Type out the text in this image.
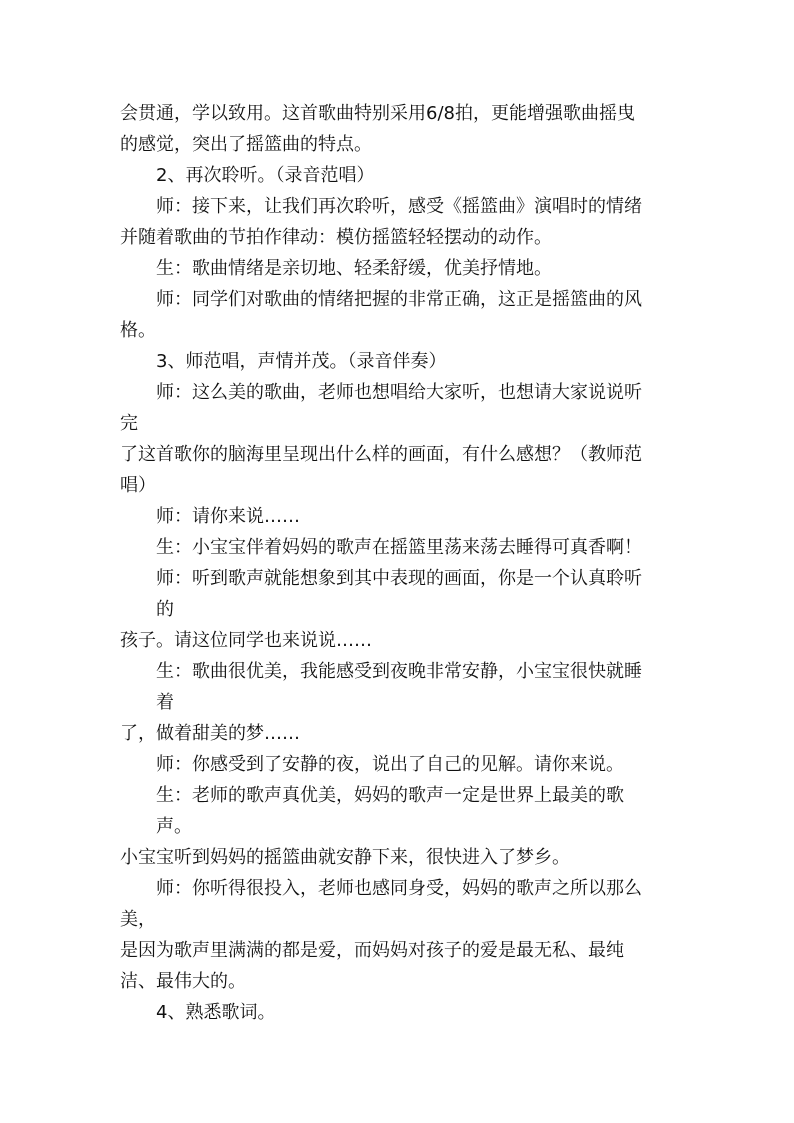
会贯通，学以致用。这首歌曲特别采用6/8拍，更能增强歌曲摇曳
的感觉，突出了摇篮曲的特点。
2、再次聆听。（录音范唱）
师：接下来，让我们再次聆听，感受《摇篮曲》演唱时的情绪
并随着歌曲的节拍作律动：模仿摇篮轻轻摆动的动作。
生：歌曲情绪是亲切地、轻柔舒缓，优美抒情地。
师：同学们对歌曲的情绪把握的非常正确，这正是摇篮曲的风
格。
3、师范唱，声情并茂。（录音伴奏）
师：这么美的歌曲，老师也想唱给大家听，也想请大家说说听
完
了这首歌你的脑海里呈现出什么样的画面，有什么感想？（教师范
唱）
师：请你来说……
生：小宝宝伴着妈妈的歌声在摇篮里荡来荡去睡得可真香啊！
师：听到歌声就能想象到其中表现的画面，你是一个认真聆听
的
孩子。请这位同学也来说说……
生：歌曲很优美，我能感受到夜晚非常安静，小宝宝很快就睡
着
了，做着甜美的梦……
师：你感受到了安静的夜，说出了自己的见解。请你来说。
生：老师的歌声真优美，妈妈的歌声一定是世界上最美的歌
声。
小宝宝听到妈妈的摇篮曲就安静下来，很快进入了梦乡。
师：你听得很投入，老师也感同身受，妈妈的歌声之所以那么
美，
是因为歌声里满满的都是爱，而妈妈对孩子的爱是最无私、最纯
洁、最伟大的。
4、熟悉歌词。
